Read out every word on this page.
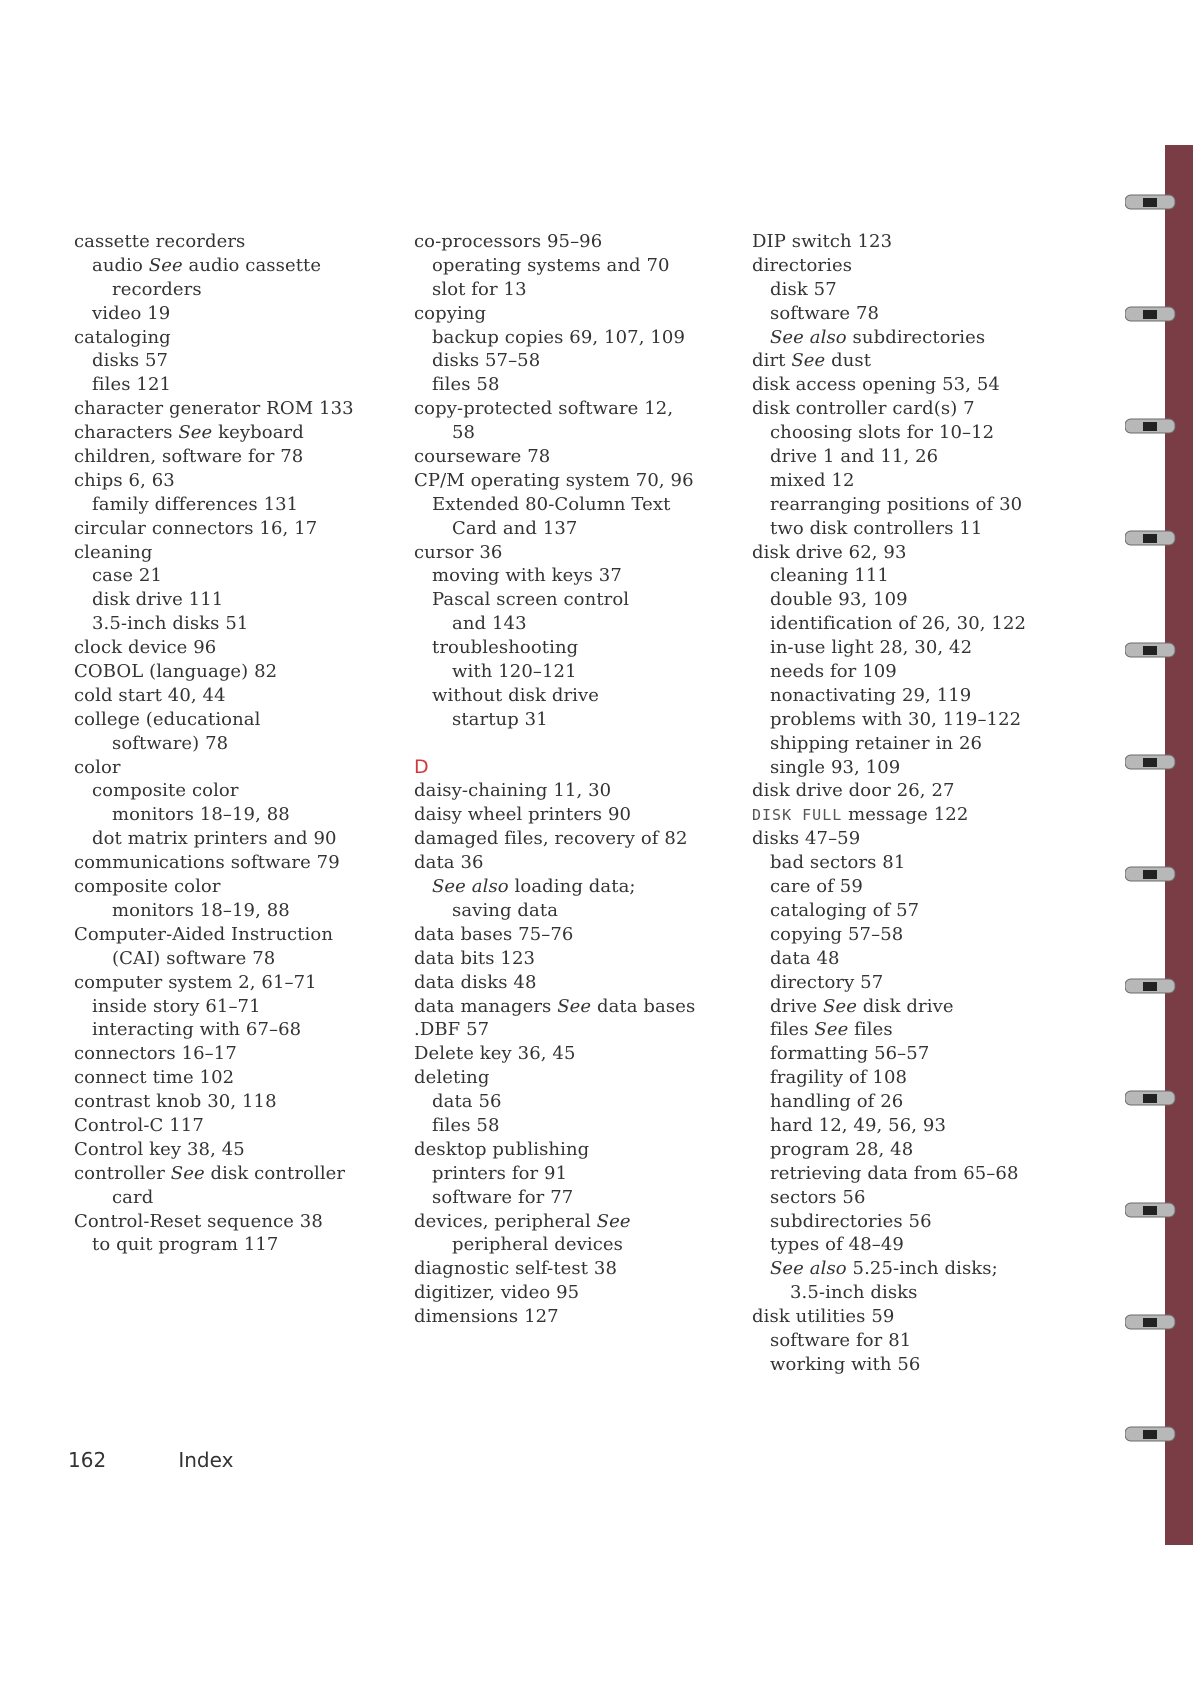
cassette recorders
audio See audio cassette
recorders
video 19
cataloging
disks 57
files 121
character generator ROM 133
characters See keyboard
children, software for 78
chips 6, 63
family differences 131
circular connectors 16, 17
cleaning
case 21
disk drive 111
3.5-inch disks 51
clock device 96
COBOL (language) 82
cold start 40, 44
college (educational
software) 78
color
composite color
monitors 18–19, 88
dot matrix printers and 90
communications software 79
composite color
monitors 18–19, 88
Computer-Aided Instruction
(CAI) software 78
computer system 2, 61–71
inside story 61–71
interacting with 67–68
connectors 16–17
connect time 102
contrast knob 30, 118
Control-C 117
Control key 38, 45
controller See disk controller
card
Control-Reset sequence 38
to quit program 117
co-processors 95–96
operating systems and 70
slot for 13
copying
backup copies 69, 107, 109
disks 57–58
files 58
copy-protected software 12,
58
courseware 78
CP/M operating system 70, 96
Extended 80-Column Text
Card and 137
cursor 36
moving with keys 37
Pascal screen control
and 143
troubleshooting
with 120–121
without disk drive
startup 31
D
daisy-chaining 11, 30
daisy wheel printers 90
damaged files, recovery of 82
data 36
See also loading data;
saving data
data bases 75–76
data bits 123
data disks 48
data managers See data bases
.DBF 57
Delete key 36, 45
deleting
data 56
files 58
desktop publishing
printers for 91
software for 77
devices, peripheral See
peripheral devices
diagnostic self-test 38
digitizer, video 95
dimensions 127
DIP switch 123
directories
disk 57
software 78
See also subdirectories
dirt See dust
disk access opening 53, 54
disk controller card(s) 7
choosing slots for 10–12
drive 1 and 11, 26
mixed 12
rearranging positions of 30
two disk controllers 11
disk drive 62, 93
cleaning 111
double 93, 109
identification of 26, 30, 122
in-use light 28, 30, 42
needs for 109
nonactivating 29, 119
problems with 30, 119–122
shipping retainer in 26
single 93, 109
disk drive door 26, 27
DISK FULL message 122
disks 47–59
bad sectors 81
care of 59
cataloging of 57
copying 57–58
data 48
directory 57
drive See disk drive
files See files
formatting 56–57
fragility of 108
handling of 26
hard 12, 49, 56, 93
program 28, 48
retrieving data from 65–68
sectors 56
subdirectories 56
types of 48–49
See also 5.25-inch disks;
3.5-inch disks
disk utilities 59
software for 81
working with 56
162	Index
